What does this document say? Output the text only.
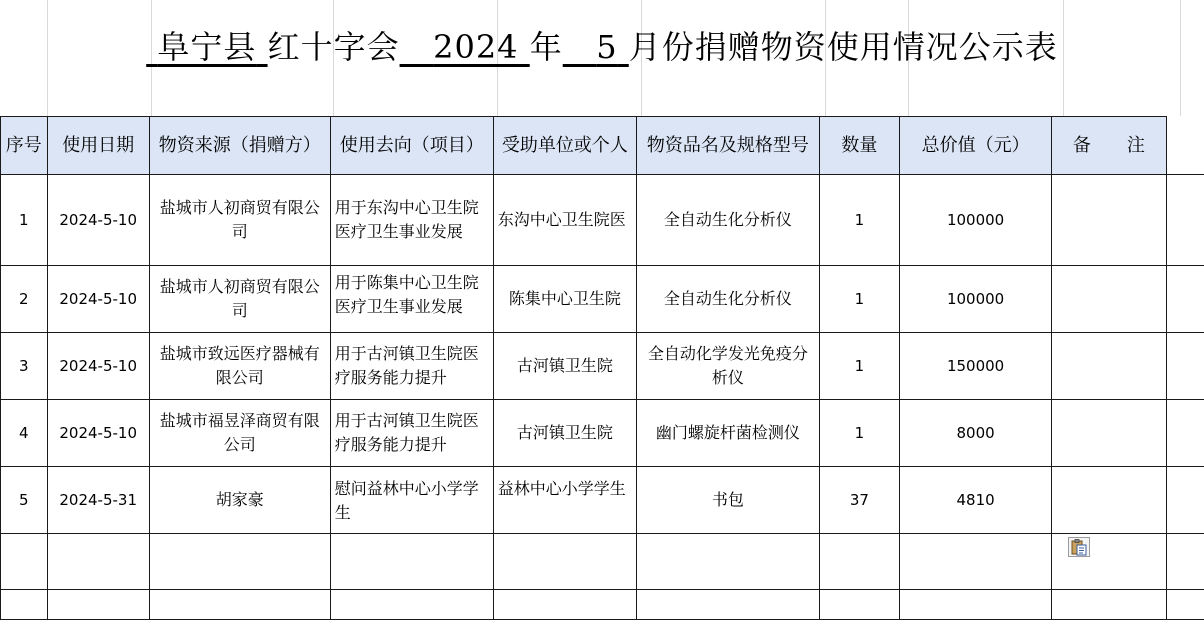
阜宁县 红十字会 2024 年 5 月份捐赠物资使用情况公示表
序号	使用日期	物资来源（捐赠方）	使用去向（项目）	受助单位或个人	物资品名及规格型号	数量	总价值（元）	备　　注	
1	2024-5-10	盐城市人初商贸有限公司	用于东沟中心卫生院医疗卫生事业发展	东沟中心卫生院医	全自动生化分析仪	1	100000		
2	2024-5-10	盐城市人初商贸有限公司	用于陈集中心卫生院医疗卫生事业发展	陈集中心卫生院	全自动生化分析仪	1	100000		
3	2024-5-10	盐城市致远医疗器械有限公司	用于古河镇卫生院医疗服务能力提升	古河镇卫生院	全自动化学发光免疫分析仪	1	150000		
4	2024-5-10	盐城市福昱泽商贸有限公司	用于古河镇卫生院医疗服务能力提升	古河镇卫生院	幽门螺旋杆菌检测仪	1	8000		
5	2024-5-31	胡家豪	慰问益林中心小学学生	益林中心小学学生	书包	37	4810		
